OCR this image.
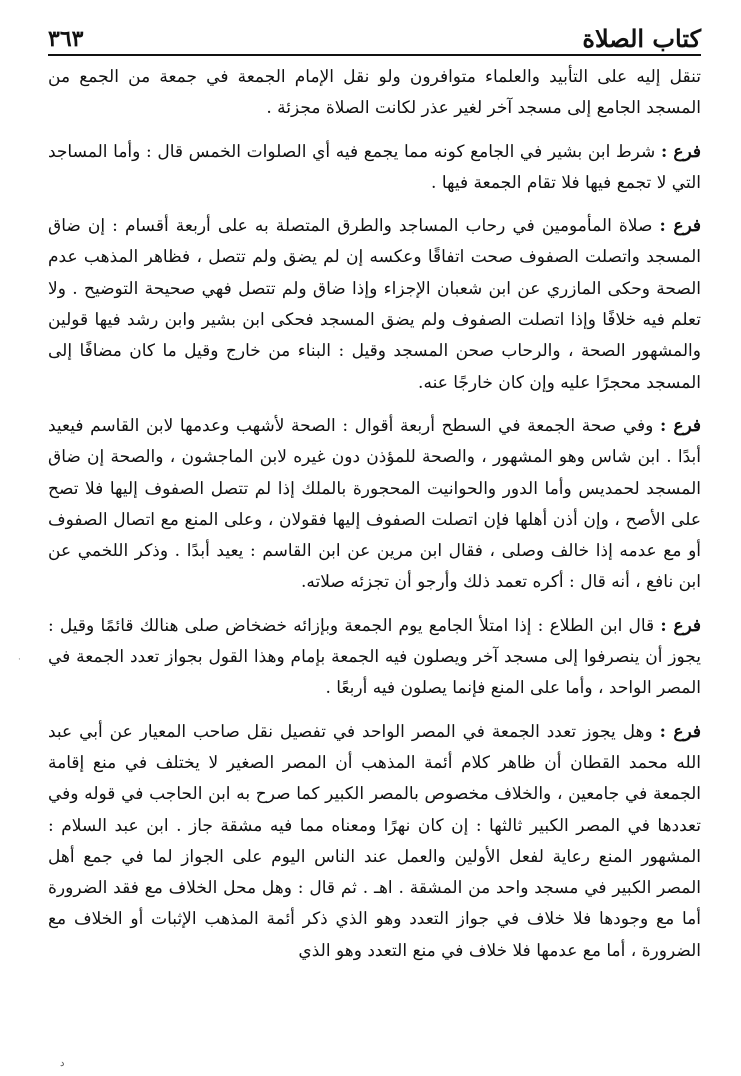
كتاب الصلاة
٣٦٣

تنقل إليه على التأبيد والعلماء متوافرون ولو نقل الإمام الجمعة في جمعة من الجمع من المسجد الجامع إلى مسجد آخر لغير عذر لكانت الصلاة مجزئة .

فرع : شرط ابن بشير في الجامع كونه مما يجمع فيه أي الصلوات الخمس قال : وأما المساجد التي لا تجمع فيها فلا تقام الجمعة فيها .

فرع : صلاة المأمومين في رحاب المساجد والطرق المتصلة به على أربعة أقسام : إن ضاق المسجد واتصلت الصفوف صحت اتفاقًا وعكسه إن لم يضق ولم تتصل ، فظاهر المذهب عدم الصحة وحكى المازري عن ابن شعبان الإجزاء وإذا ضاق ولم تتصل فهي صحيحة التوضيح . ولا تعلم فيه خلافًا وإذا اتصلت الصفوف ولم يضق المسجد فحكى ابن بشير وابن رشد فيها قولين والمشهور الصحة ، والرحاب صحن المسجد وقيل : البناء من خارج وقيل ما كان مضافًا إلى المسجد محجرًا عليه وإن كان خارجًا عنه.

فرع : وفي صحة الجمعة في السطح أربعة أقوال : الصحة لأشهب وعدمها لابن القاسم فيعيد أبدًا . ابن شاس وهو المشهور ، والصحة للمؤذن دون غيره لابن الماجشون ، والصحة إن ضاق المسجد لحمديس وأما الدور والحوانيت المحجورة بالملك إذا لم تتصل الصفوف إليها فلا تصح على الأصح ، وإن أذن أهلها فإن اتصلت الصفوف إليها فقولان ، وعلى المنع مع اتصال الصفوف أو مع عدمه إذا خالف وصلى ، فقال ابن مرين عن ابن القاسم : يعيد أبدًا . وذكر اللخمي عن ابن نافع ، أنه قال : أكره تعمد ذلك وأرجو أن تجزئه صلاته.

فرع : قال ابن الطلاع : إذا امتلأ الجامع يوم الجمعة وبإزائه خضخاض صلى هنالك قائمًا وقيل : يجوز أن ينصرفوا إلى مسجد آخر ويصلون فيه الجمعة بإمام وهذا القول بجواز تعدد الجمعة في المصر الواحد ، وأما على المنع فإنما يصلون فيه أربعًا .

فرع : وهل يجوز تعدد الجمعة في المصر الواحد في تفصيل نقل صاحب المعيار عن أبي عبد الله محمد القطان أن ظاهر كلام أئمة المذهب أن المصر الصغير لا يختلف في منع إقامة الجمعة في جامعين ، والخلاف مخصوص بالمصر الكبير كما صرح به ابن الحاجب في قوله وفي تعددها في المصر الكبير ثالثها : إن كان نهرًا ومعناه مما فيه مشقة جاز . ابن عبد السلام : المشهور المنع رعاية لفعل الأولين والعمل عند الناس اليوم على الجواز لما في جمع أهل المصر الكبير في مسجد واحد من المشقة . اهـ . ثم قال : وهل محل الخلاف مع فقد الضرورة أما مع وجودها فلا خلاف في جواز التعدد وهو الذي ذكر أئمة المذهب الإثبات أو الخلاف مع الضرورة ، أما مع عدمها فلا خلاف في منع التعدد وهو الذي

·
د
